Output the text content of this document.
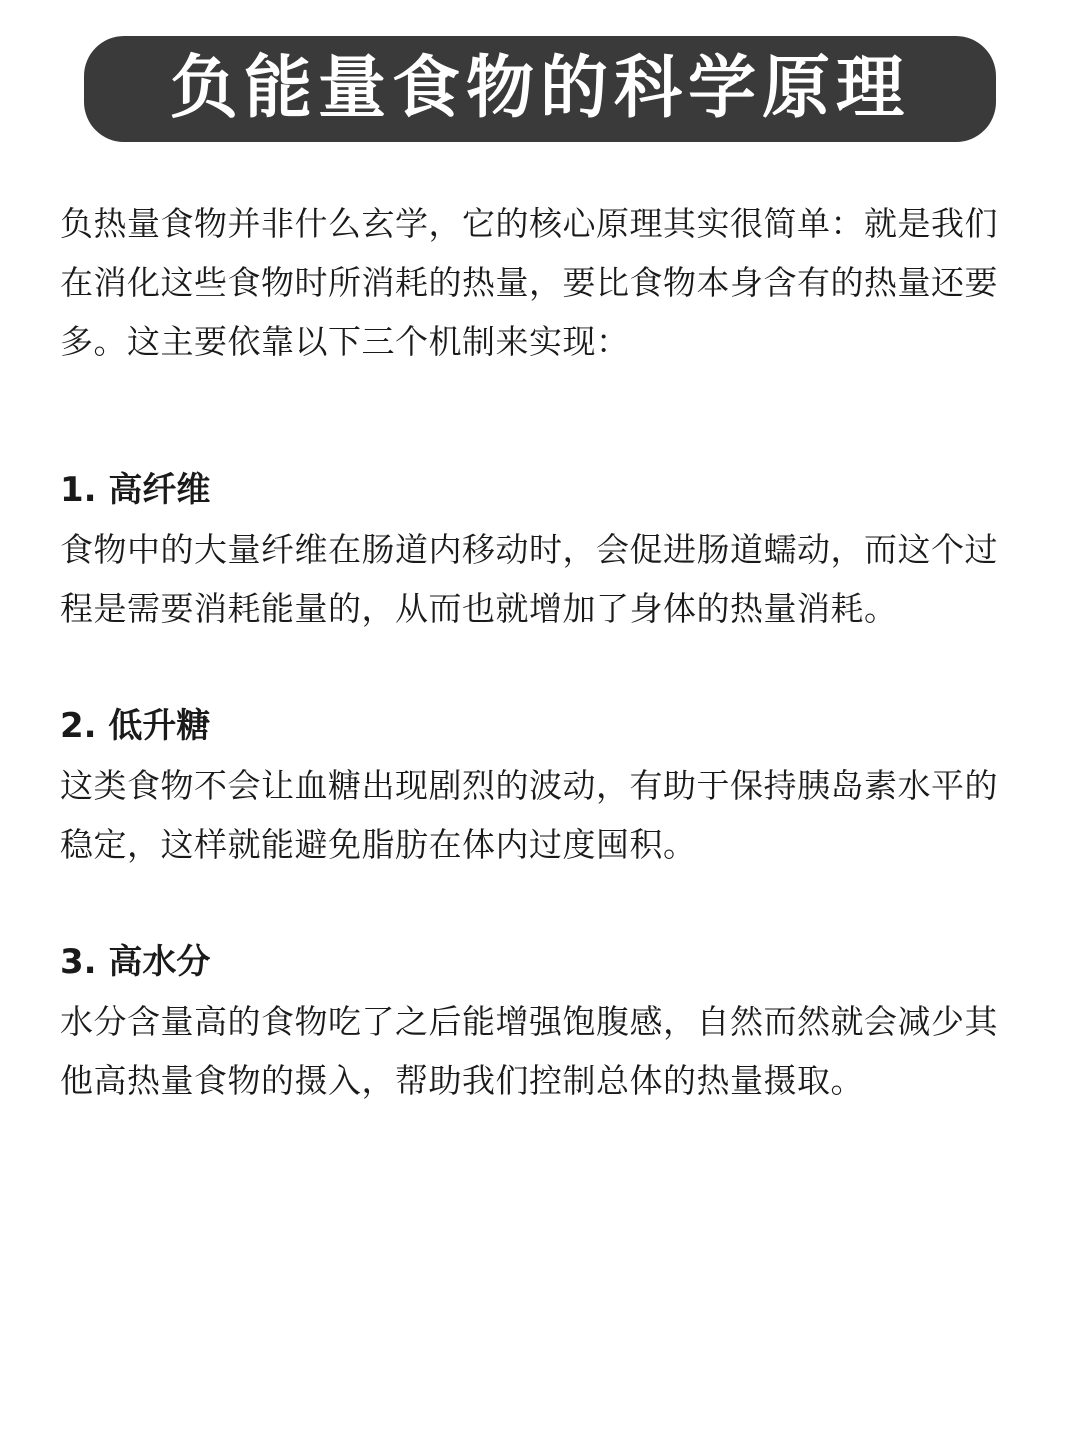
负能量食物的科学原理

负热量食物并非什么玄学，它的核心原理其实很简单：就是我们在消化这些食物时所消耗的热量，要比食物本身含有的热量还要多。这主要依靠以下三个机制来实现：

1. 高纤维

食物中的大量纤维在肠道内移动时，会促进肠道蠕动，而这个过程是需要消耗能量的，从而也就增加了身体的热量消耗。

2. 低升糖

这类食物不会让血糖出现剧烈的波动，有助于保持胰岛素水平的稳定，这样就能避免脂肪在体内过度囤积。

3. 高水分

水分含量高的食物吃了之后能增强饱腹感，自然而然就会减少其他高热量食物的摄入，帮助我们控制总体的热量摄取。
